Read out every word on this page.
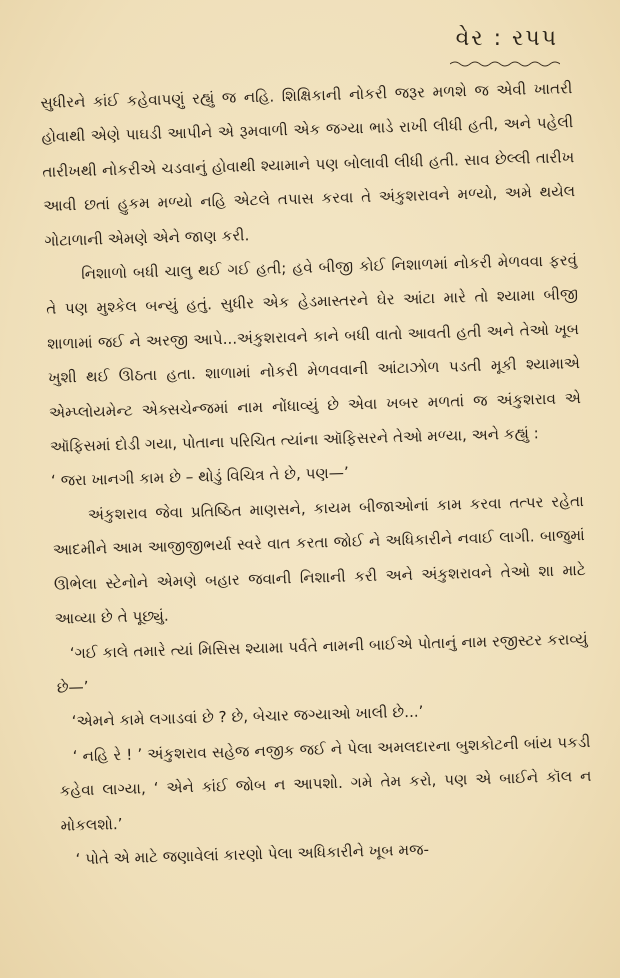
વેર : રપપ

સુધીરને કાંઈ કહેવાપણું રહ્યું જ નહિ. શિક્ષિકાની નોકરી જરૂર મળશે જ એવી ખાતરી હોવાથી એણે પાઘડી આપીને એ રૂમવાળી એક જગ્યા ભાડે રાખી લીધી હતી, અને પહેલી તારીખથી નોકરીએ ચડવાનું હોવાથી શ્યામાને પણ બોલાવી લીધી હતી. સાવ છેલ્લી તારીખ આવી છતાં હુકમ મળ્યો નહિ એટલે તપાસ કરવા તે અંકુશરાવને મળ્યો, અમે થયેલ ગોટાળાની એમણે એને જાણ કરી.

નિશાળો બધી ચાલુ થઈ ગઈ હતી; હવે બીજી કોઈ નિશાળમાં નોકરી મેળવવા ફરવું તે પણ મુશ્કેલ બન્યું હતું. સુધીર એક હેડમાસ્તરને ઘેર આંટા મારે તો શ્યામા બીજી શાળામાં જઈ ને અરજી આપે...અંકુશરાવને કાને બધી વાતો આવતી હતી અને તેઓ ખૂબ ખુશી થઈ ઊઠતા હતા. શાળામાં નોકરી મેળવવાની આંટાઝોળ પડતી મૂકી શ્યામાએ એમ્પ્લોયમેન્ટ એક્સચેન્જમાં નામ નોંધાવ્યું છે એવા ખબર મળતાં જ અંકુશરાવ એ ઑફિસમાં દોડી ગયા, પોતાના પરિચિત ત્યાંના ઑફિસરને તેઓ મળ્યા, અને કહ્યું :

‘ જરા ખાનગી કામ છે – થોડું વિચિત્ર તે છે, પણ—’

અંકુશરાવ જેવા પ્રતિષ્ઠિત માણસને, કાયમ બીજાઓનાં કામ કરવા તત્પર રહેતા આદમીને આમ આજીજીભર્યા સ્વરે વાત કરતા જોઈ ને અધિકારીને નવાઈ લાગી. બાજુમાં ઊભેલા સ્ટેનોને એમણે બહાર જવાની નિશાની કરી અને અંકુશરાવને તેઓ શા માટે આવ્યા છે તે પૂછ્યું.

‘ગઈ કાલે તમારે ત્યાં મિસિસ શ્યામા પર્વતે નામની બાઈએ પોતાનું નામ રજીસ્ટર કરાવ્યું છે—’

‘એમને કામે લગાડવાં છે ? છે, બેચાર જગ્યાઓ ખાલી છે...’

‘ નહિ રે ! ’ અંકુશરાવ સહેજ નજીક જઈ ને પેલા અમલદારના બુશકોટની બાંય પકડી કહેવા લાગ્યા, ‘ એને કાંઈ જોબ ન આપશો. ગમે તેમ કરો, પણ એ બાઈને કૉલ ન મોકલશો.’

‘ પોતે એ માટે જણાવેલાં કારણો પેલા અધિકારીને ખૂબ મજ-
